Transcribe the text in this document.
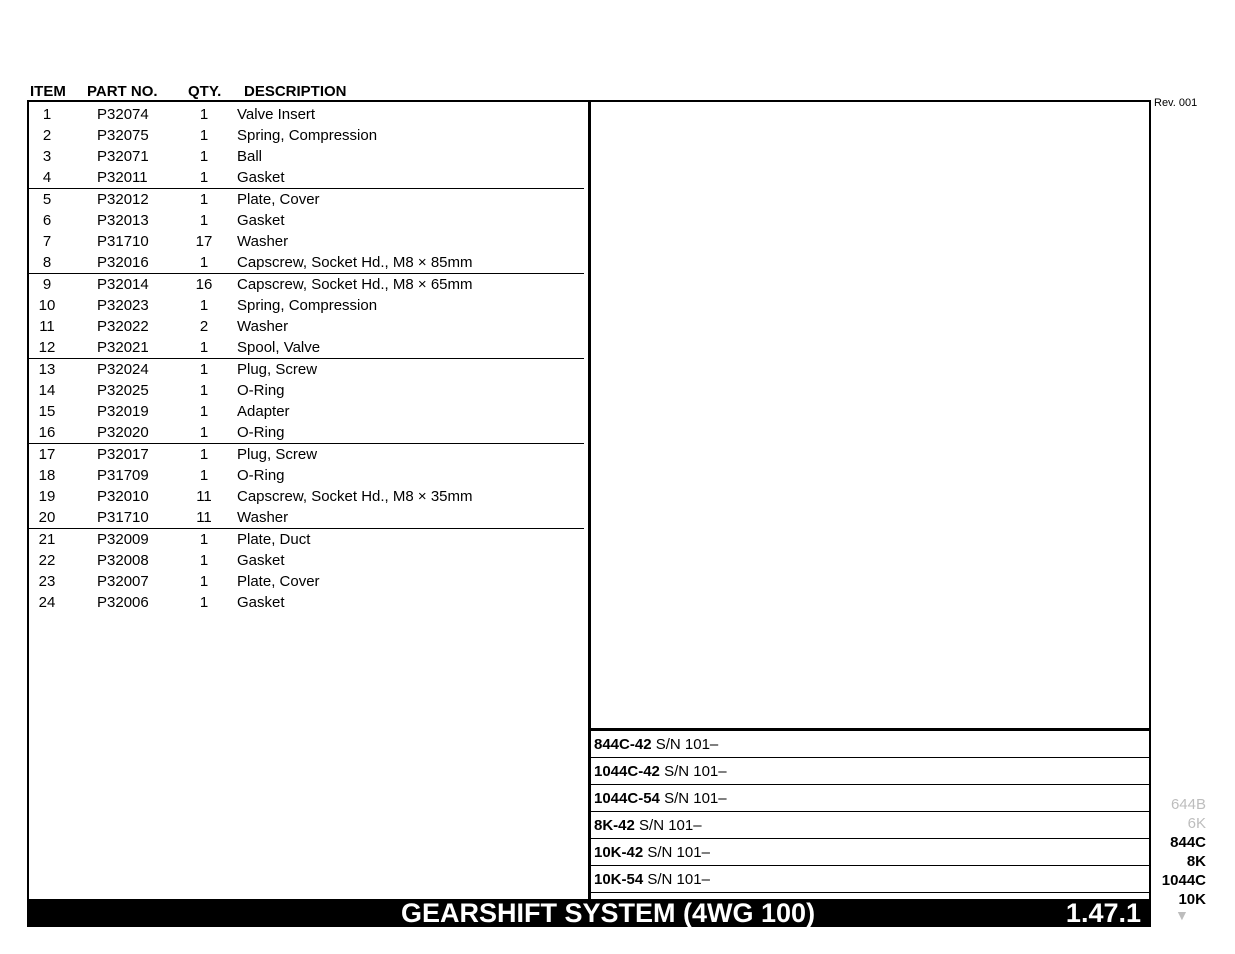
ITEM PART NO. QTY. DESCRIPTION
1	P32074	1	Valve Insert
2	P32075	1	Spring, Compression
3	P32071	1	Ball
4	P32011	1	Gasket
5	P32012	1	Plate, Cover
6	P32013	1	Gasket
7	P31710	17	Washer
8	P32016	1	Capscrew, Socket Hd., M8 × 85mm
9	P32014	16	Capscrew, Socket Hd., M8 × 65mm
10	P32023	1	Spring, Compression
11	P32022	2	Washer
12	P32021	1	Spool, Valve
13	P32024	1	Plug, Screw
14	P32025	1	O-Ring
15	P32019	1	Adapter
16	P32020	1	O-Ring
17	P32017	1	Plug, Screw
18	P31709	1	O-Ring
19	P32010	11	Capscrew, Socket Hd., M8 × 35mm
20	P31710	11	Washer
21	P32009	1	Plate, Duct
22	P32008	1	Gasket
23	P32007	1	Plate, Cover
24	P32006	1	Gasket
Rev. 001
844C-42 S/N 101–
1044C-42 S/N 101–
1044C-54 S/N 101–
8K-42 S/N 101–
10K-42 S/N 101–
10K-54 S/N 101–
GEARSHIFT SYSTEM (4WG 100)	1.47.1
644B
6K
844C
8K
1044C
10K
▼
